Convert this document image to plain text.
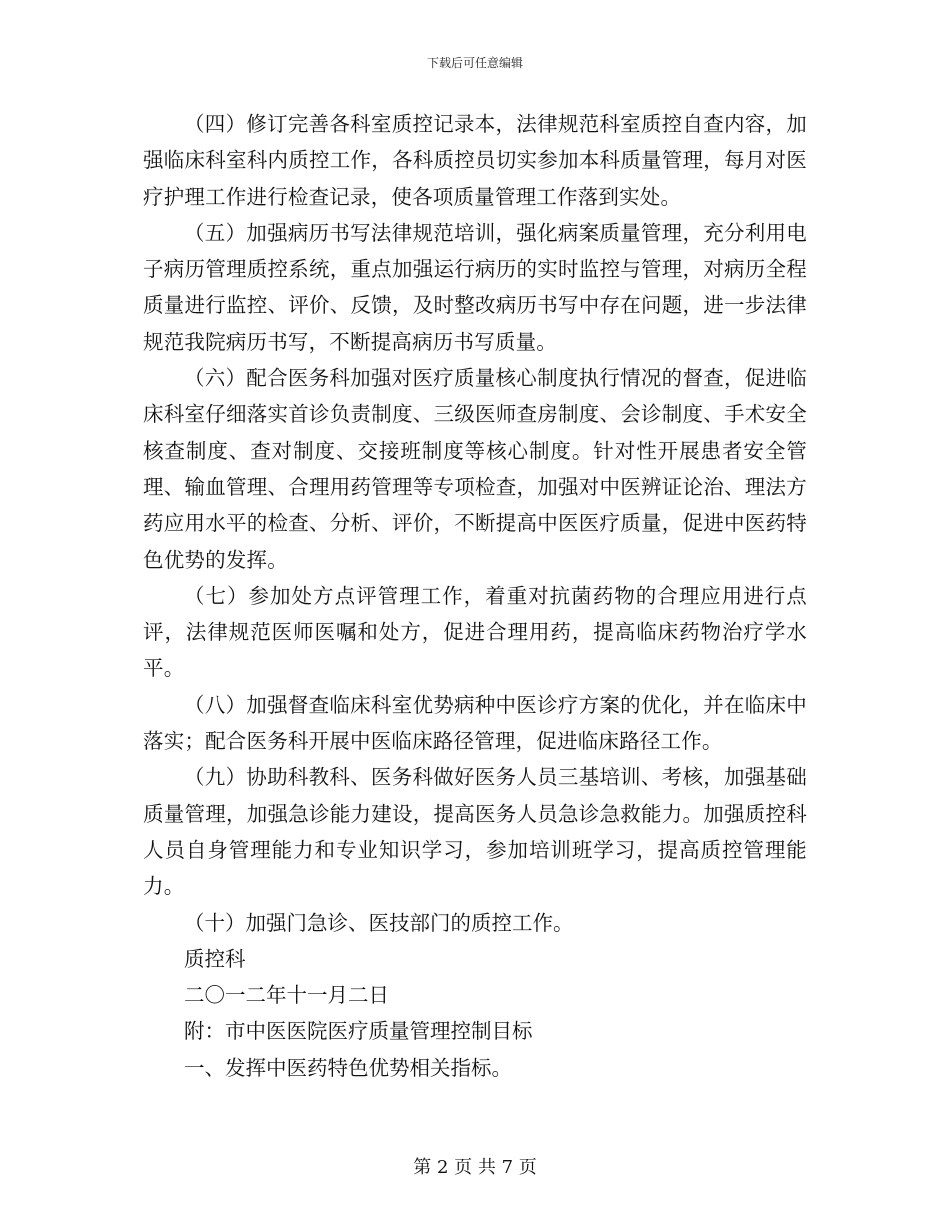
下载后可任意编辑

（四）修订完善各科室质控记录本，法律规范科室质控自查内容，加强临床科室科内质控工作，各科质控员切实参加本科质量管理，每月对医疗护理工作进行检查记录，使各项质量管理工作落到实处。

（五）加强病历书写法律规范培训，强化病案质量管理，充分利用电子病历管理质控系统，重点加强运行病历的实时监控与管理，对病历全程质量进行监控、评价、反馈，及时整改病历书写中存在问题，进一步法律规范我院病历书写，不断提高病历书写质量。

（六）配合医务科加强对医疗质量核心制度执行情况的督查，促进临床科室仔细落实首诊负责制度、三级医师查房制度、会诊制度、手术安全核查制度、查对制度、交接班制度等核心制度。针对性开展患者安全管理、输血管理、合理用药管理等专项检查，加强对中医辨证论治、理法方药应用水平的检查、分析、评价，不断提高中医医疗质量，促进中医药特色优势的发挥。

（七）参加处方点评管理工作，着重对抗菌药物的合理应用进行点评，法律规范医师医嘱和处方，促进合理用药，提高临床药物治疗学水平。

（八）加强督查临床科室优势病种中医诊疗方案的优化，并在临床中落实；配合医务科开展中医临床路径管理，促进临床路径工作。

（九）协助科教科、医务科做好医务人员三基培训、考核，加强基础质量管理，加强急诊能力建设，提高医务人员急诊急救能力。加强质控科人员自身管理能力和专业知识学习，参加培训班学习，提高质控管理能力。

（十）加强门急诊、医技部门的质控工作。

质控科

二〇一二年十一月二日

附：市中医医院医疗质量管理控制目标

一、发挥中医药特色优势相关指标。

第 2 页 共 7 页
